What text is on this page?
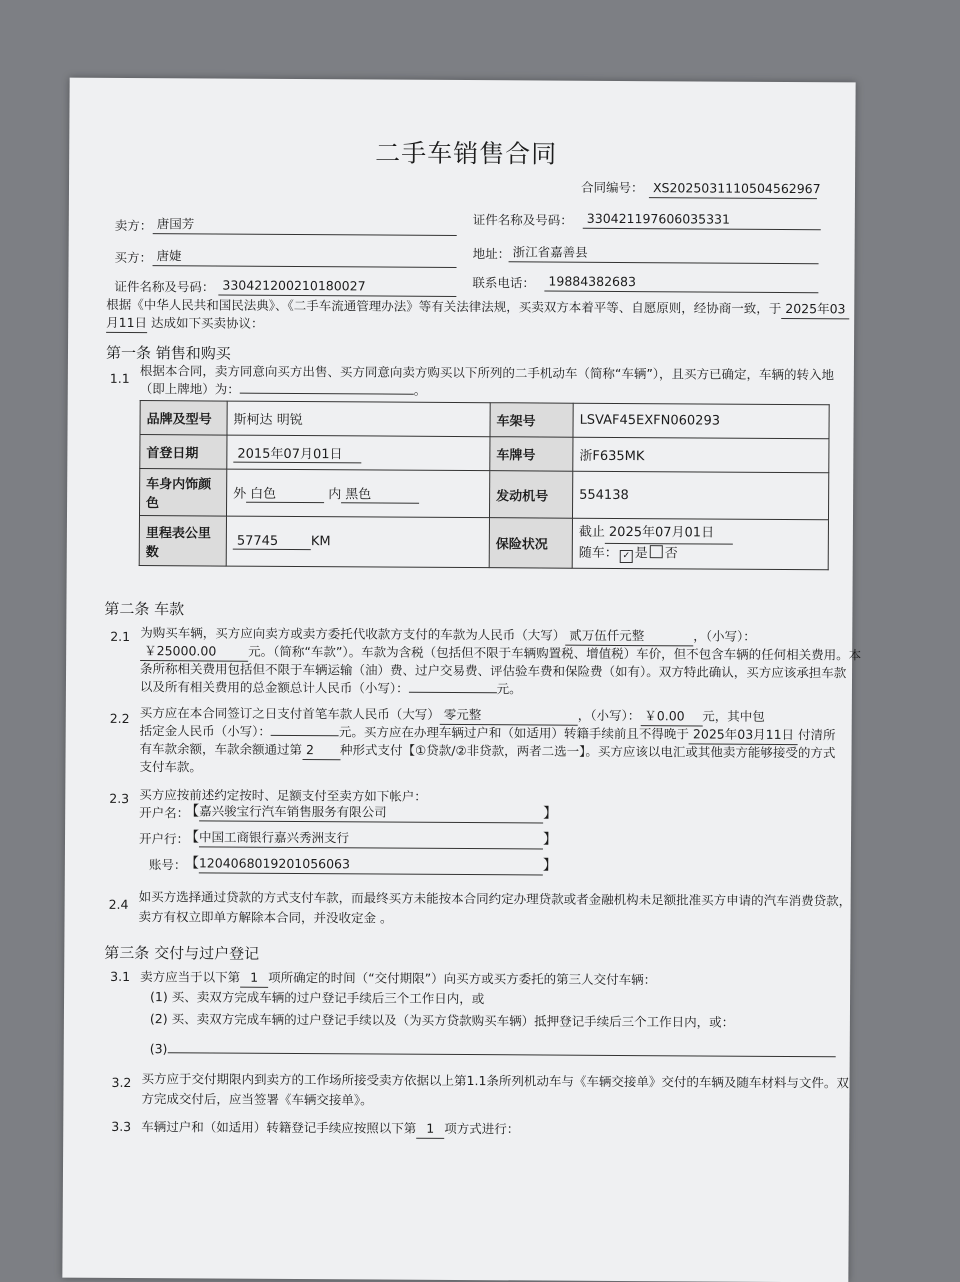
二手车销售合同
合同编号： XS2025031110504562967
卖方： 唐国芳	证件名称及号码：	330421197606035331
买方： 唐婕	地址： 浙江省嘉善县
证件名称及号码： 330421200210180027	联系电话：	19884382683
根据《中华人民共和国民法典》、《二手车流通管理办法》等有关法律法规，买卖双方本着平等、自愿原则，经协商一致，于 2025年03
月11日 达成如下买卖协议：
第一条 销售和购买
1.1 根据本合同，卖方同意向买方出售、买方同意向卖方购买以下所列的二手机动车（简称“车辆”），且买方已确定，车辆的转入地
（即上牌地）为：	。
品牌及型号	斯柯达 明锐	车架号	LSVAF45EXFN060293
首登日期	2015年07月01日	车牌号	浙F635MK
车身内饰颜色	外 白色 内 黑色	发动机号	554138
里程表公里数	57745 KM	保险状况	截止 2025年07月01日
随车： ✓ 是 否
第二条 车款
2.1 为购买车辆，买方应向卖方或卖方委托代收款方支付的车款为人民币（大写） 贰万伍仟元整	，（小写）：
￥25000.00	元。（简称“车款”）。车款为含税（包括但不限于车辆购置税、增值税）车价，但不包含车辆的任何相关费用。本
条所称相关费用包括但不限于车辆运输（油）费、过户交易费、评估验车费和保险费（如有）。双方特此确认，买方应该承担车款
以及所有相关费用的总金额总计人民币（小写）：	元。
2.2 买方应在本合同签订之日支付首笔车款人民币（大写） 零元整	，（小写）： ￥0.00 元，其中包
括定金人民币（小写）：	元。买方应在办理车辆过户和（如适用）转籍手续前且不得晚于 2025年03月11日 付清所
有车款余额，车款余额通过第 2 种形式支付【①贷款/②非贷款，两者二选一】。买方应该以电汇或其他卖方能够接受的方式
支付车款。
2.3 买方应按前述约定按时、足额支付至卖方如下帐户：
开户名：
【嘉兴骏宝行汽车销售服务有限公司	】
开户行：
【中国工商银行嘉兴秀洲支行	】
账号：
【1204068019201056063	】
2.4 如买方选择通过贷款的方式支付车款，而最终买方未能按本合同约定办理贷款或者金融机构未足额批准买方申请的汽车消费贷款，
卖方有权立即单方解除本合同，并没收定金 。
第三条 交付与过户登记
3.1 卖方应当于以下第 1 项所确定的时间（“交付期限”）向买方或买方委托的第三人交付车辆：
(1) 买、卖双方完成车辆的过户登记手续后三个工作日内，或
(2) 买、卖双方完成车辆的过户登记手续以及（为买方贷款购买车辆）抵押登记手续后三个工作日内，或：
(3)
3.2 买方应于交付期限内到卖方的工作场所接受卖方依据以上第1.1条所列机动车与《车辆交接单》交付的车辆及随车材料与文件。双
方完成交付后，应当签署《车辆交接单》。
3.3 车辆过户和（如适用）转籍登记手续应按照以下第 1 项方式进行：
